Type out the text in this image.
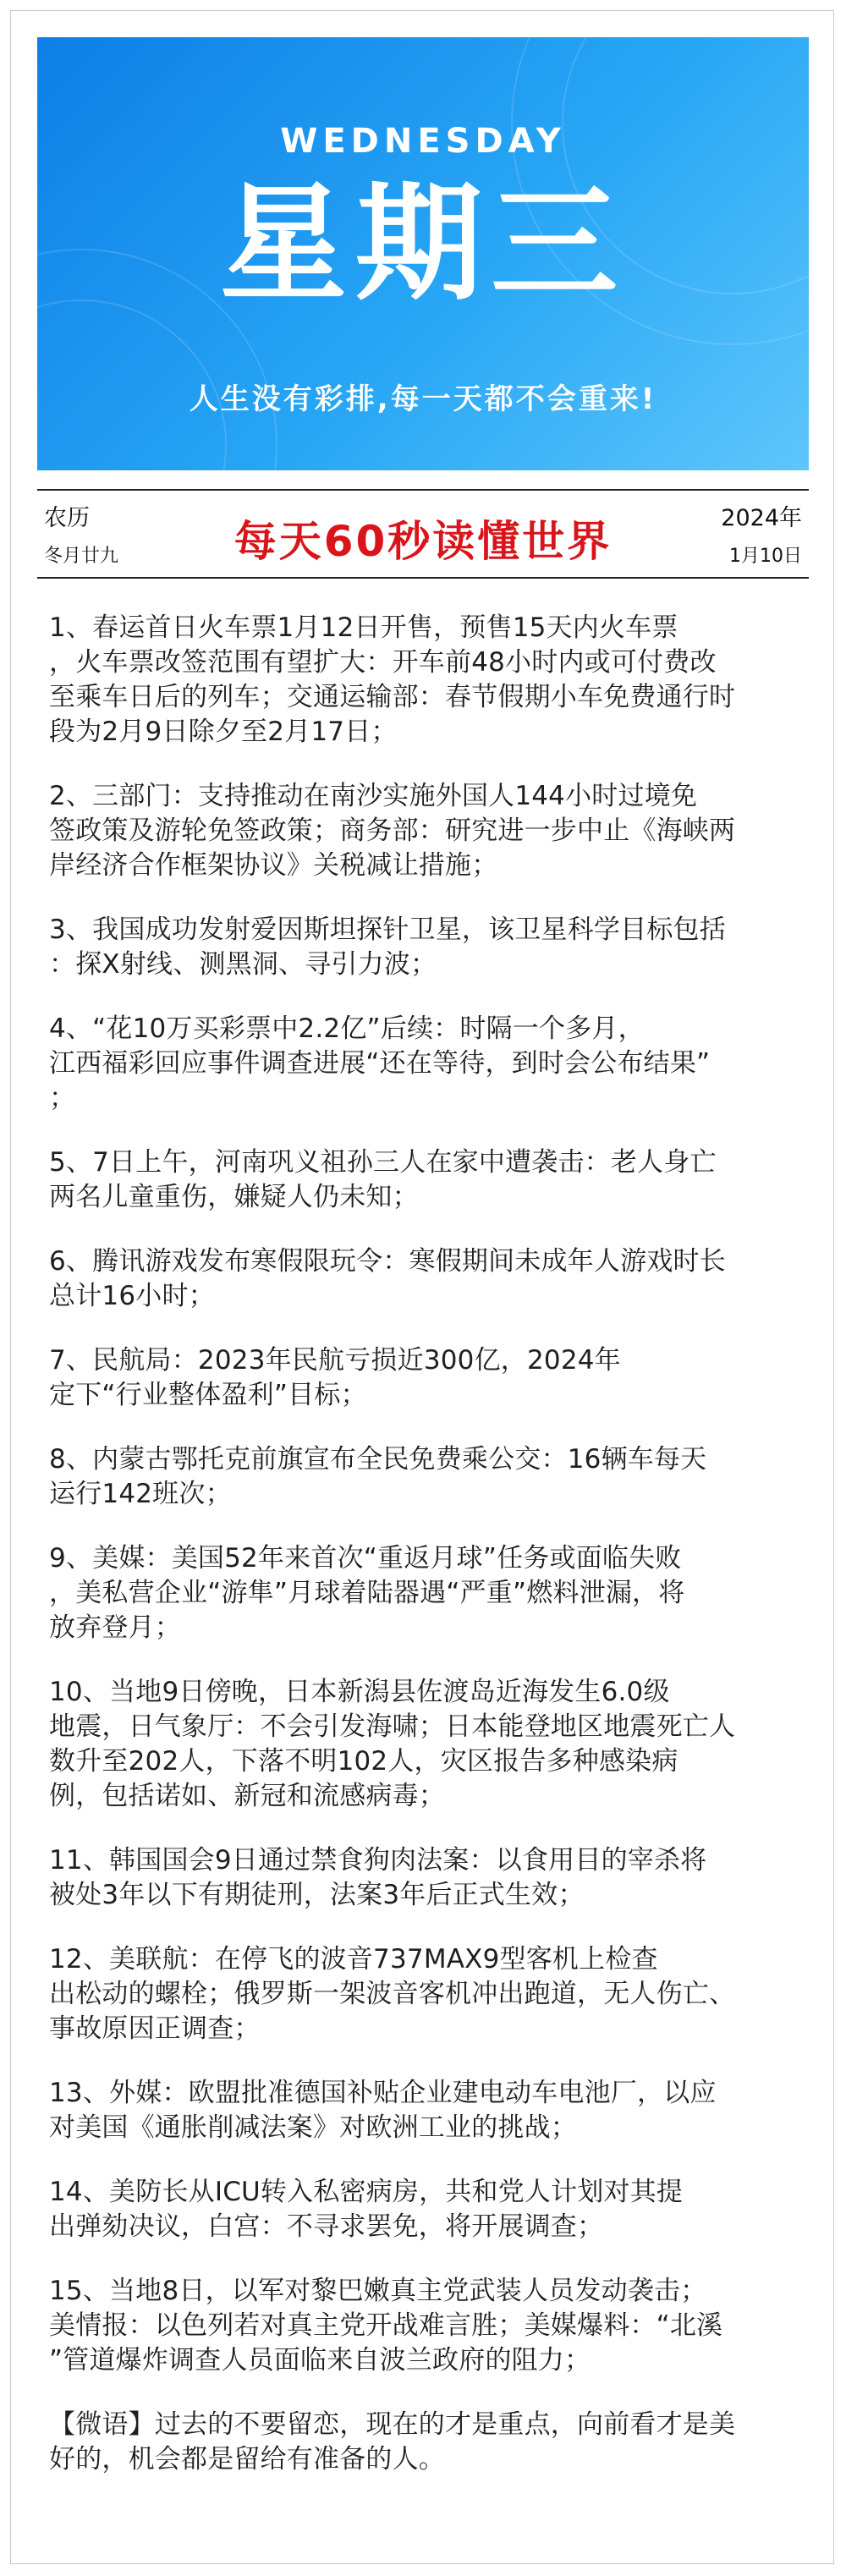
WEDNESDAY
星期三
人生没有彩排,每一天都不会重来!
农历
冬月廿九	每天60秒读懂世界	2024年
1月10日
1、春运首日火车票1月12日开售，预售15天内火车票
，火车票改签范围有望扩大：开车前48小时内或可付费改
至乘车日后的列车；交通运输部：春节假期小车免费通行时
段为2月9日除夕至2月17日；
2、三部门：支持推动在南沙实施外国人144小时过境免
签政策及游轮免签政策；商务部：研究进一步中止《海峡两
岸经济合作框架协议》关税减让措施；
3、我国成功发射爱因斯坦探针卫星，该卫星科学目标包括
：探X射线、测黑洞、寻引力波；
4、“花10万买彩票中2.2亿”后续：时隔一个多月，
江西福彩回应事件调查进展“还在等待，到时会公布结果”
；
5、7日上午，河南巩义祖孙三人在家中遭袭击：老人身亡
两名儿童重伤，嫌疑人仍未知；
6、腾讯游戏发布寒假限玩令：寒假期间未成年人游戏时长
总计16小时；
7、民航局：2023年民航亏损近300亿，2024年
定下“行业整体盈利”目标；
8、内蒙古鄂托克前旗宣布全民免费乘公交：16辆车每天
运行142班次；
9、美媒：美国52年来首次“重返月球”任务或面临失败
，美私营企业“游隼”月球着陆器遇“严重”燃料泄漏，将
放弃登月；
10、当地9日傍晚，日本新潟县佐渡岛近海发生6.0级
地震，日气象厅：不会引发海啸；日本能登地区地震死亡人
数升至202人，下落不明102人，灾区报告多种感染病
例，包括诺如、新冠和流感病毒；
11、韩国国会9日通过禁食狗肉法案：以食用目的宰杀将
被处3年以下有期徒刑，法案3年后正式生效；
12、美联航：在停飞的波音737MAX9型客机上检查
出松动的螺栓；俄罗斯一架波音客机冲出跑道，无人伤亡、
事故原因正调查；
13、外媒：欧盟批准德国补贴企业建电动车电池厂，以应
对美国《通胀削减法案》对欧洲工业的挑战；
14、美防长从ICU转入私密病房，共和党人计划对其提
出弹劾决议，白宫：不寻求罢免，将开展调查；
15、当地8日，以军对黎巴嫩真主党武装人员发动袭击；
美情报：以色列若对真主党开战难言胜；美媒爆料：“北溪
”管道爆炸调查人员面临来自波兰政府的阻力；
【微语】过去的不要留恋，现在的才是重点，向前看才是美
好的，机会都是留给有准备的人。
